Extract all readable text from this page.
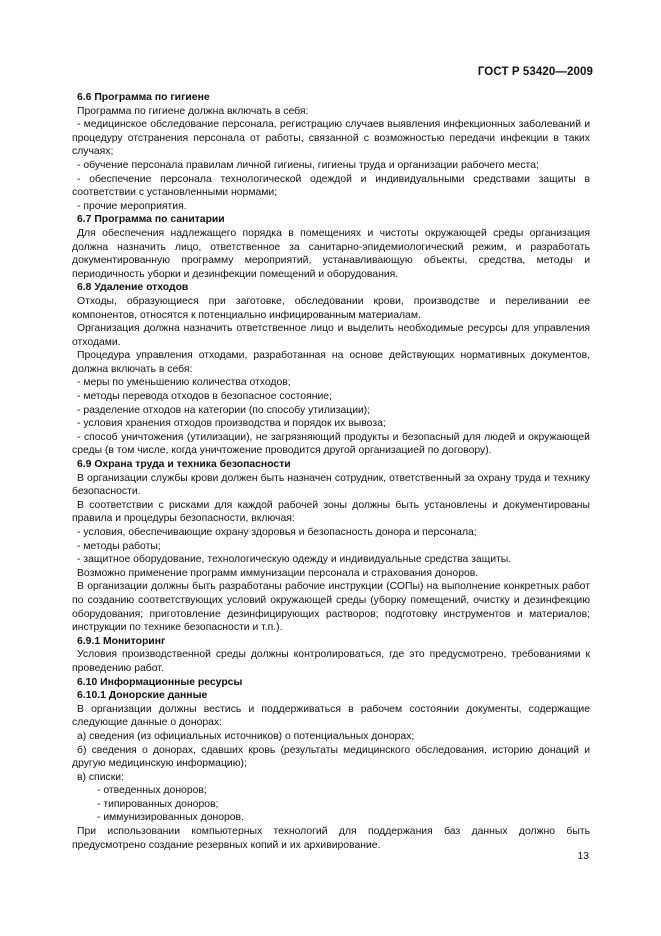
ГОСТ Р 53420—2009

6.6 Программа по гигиене

Программа по гигиене должна включать в себя:

- медицинское обследование персонала, регистрацию случаев выявления инфекционных заболеваний и процедуру отстранения персонала от работы, связанной с возможностью передачи инфекции в таких случаях;

- обучение персонала правилам личной гигиены, гигиены труда и организации рабочего места;

- обеспечение персонала технологической одеждой и индивидуальными средствами защиты в соответствии с установленными нормами;

- прочие мероприятия.

6.7 Программа по санитарии

Для обеспечения надлежащего порядка в помещениях и чистоты окружающей среды организация должна назначить лицо, ответственное за санитарно-эпидемиологический режим, и разработать документированную программу мероприятий, устанавливающую объекты, средства, методы и периодичность уборки и дезинфекции помещений и оборудования.

6.8 Удаление отходов

Отходы, образующиеся при заготовке, обследовании крови, производстве и переливании ее компонентов, относятся к потенциально инфицированным материалам.

Организация должна назначить ответственное лицо и выделить необходимые ресурсы для управления отходами.

Процедура управления отходами, разработанная на основе действующих нормативных документов, должна включать в себя:

- меры по уменьшению количества отходов;

- методы перевода отходов в безопасное состояние;

- разделение отходов на категории (по способу утилизации);

- условия хранения отходов производства и порядок их вывоза;

- способ уничтожения (утилизации), не загрязняющий продукты и безопасный для людей и окружающей среды (в том числе, когда уничтожение проводится другой организацией по договору).

6.9 Охрана труда и техника безопасности

В организации службы крови должен быть назначен сотрудник, ответственный за охрану труда и технику безопасности.

В соответствии с рисками для каждой рабочей зоны должны быть установлены и документированы правила и процедуры безопасности, включая:

- условия, обеспечивающие охрану здоровья и безопасность донора и персонала;

- методы работы;

- защитное оборудование, технологическую одежду и индивидуальные средства защиты.

Возможно применение программ иммунизации персонала и страхования доноров.

В организации должны быть разработаны рабочие инструкции (СОПы) на выполнение конкретных работ по созданию соответствующих условий окружающей среды (уборку помещений, очистку и дезинфекцию оборудования; приготовление дезинфицирующих растворов; подготовку инструментов и материалов; инструкции по технике безопасности и т.п.).

6.9.1 Мониторинг

Условия производственной среды должны контролироваться, где это предусмотрено, требованиями к проведению работ.

6.10 Информационные ресурсы

6.10.1 Донорские данные

В организации должны вестись и поддерживаться в рабочем состоянии документы, содержащие следующие данные о донорах:

а) сведения (из официальных источников) о потенциальных донорах;

б) сведения о донорах, сдавших кровь (результаты медицинского обследования, историю донаций и другую медицинскую информацию);

в) списки:

- отведенных доноров;

- типированных доноров;

- иммунизированных доноров.

При использовании компьютерных технологий для поддержания баз данных должно быть предусмотрено создание резервных копий и их архивирование.

13
